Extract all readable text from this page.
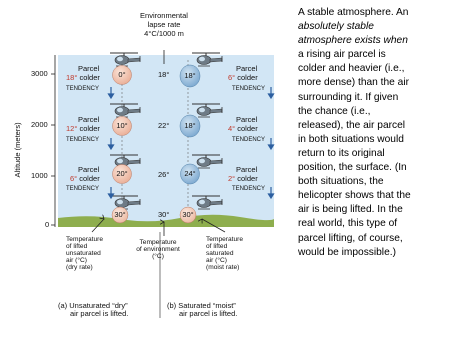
Environmental
lapse rate
4°C/1000 m
Altitude (meters)
3000
2000
1000
0
18°
22°
26°
30°
0°
10°
20°
30°
18°
18°
24°
30°
Parcel
18° colder
TENDENCY
Parcel
12° colder
TENDENCY
Parcel
6° colder
TENDENCY
Parcel
6° colder
TENDENCY
Parcel
4° colder
TENDENCY
Parcel
2° colder
TENDENCY
Temperature
of lifted
unsaturated
air (°C)
(dry rate)
Temperature
of environment
(°C)
Temperature
of lifted
saturated
air (°C)
(moist rate)
(a) Unsaturated “dry”
air parcel is lifted.
(b) Saturated “moist”
air parcel is lifted.
A stable atmosphere. An
absolutely stable
atmosphere exists when
a rising air parcel is
colder and heavier (i.e.,
more dense) than the air
surrounding it. If given
the chance (i.e.,
released), the air parcel
in both situations would
return to its original
position, the surface. (In
both situations, the
helicopter shows that the
air is being lifted. In the
real world, this type of
parcel lifting, of course,
would be impossible.)
